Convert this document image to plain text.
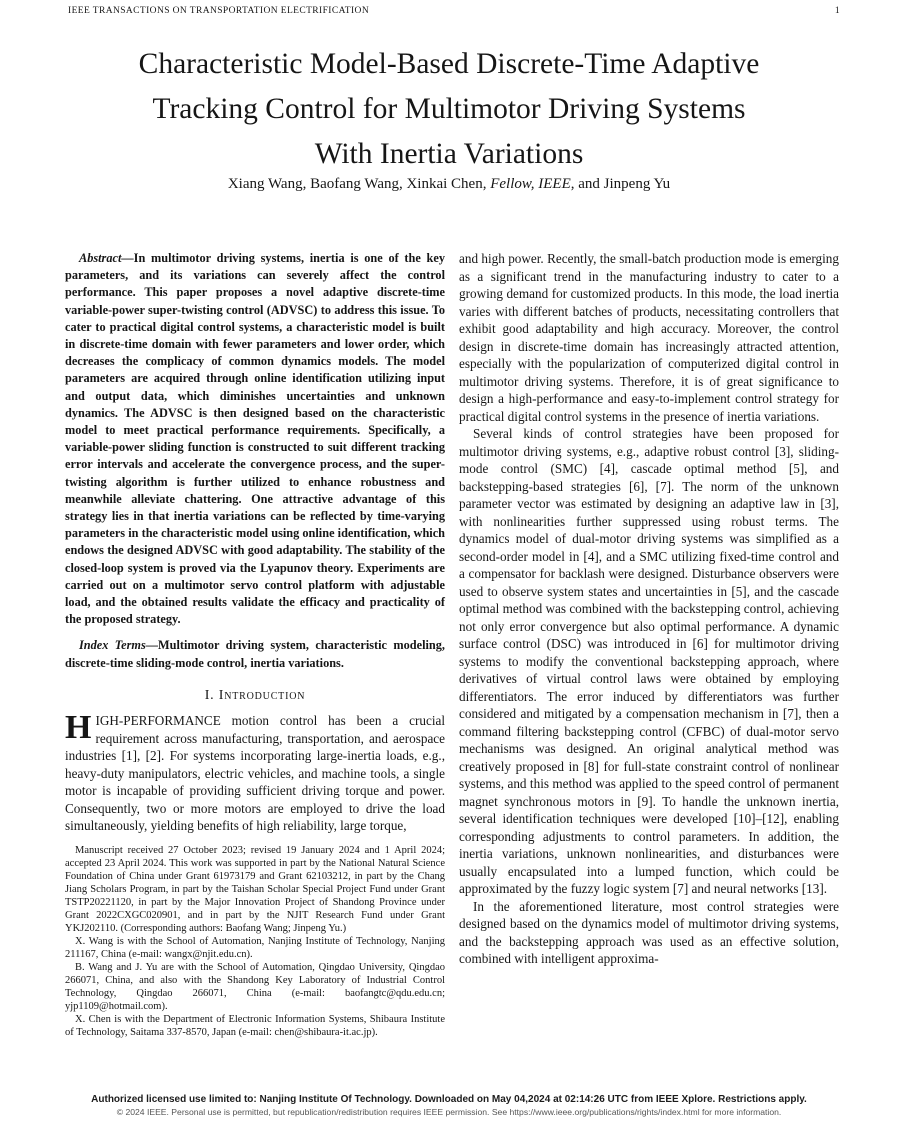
IEEE TRANSACTIONS ON TRANSPORTATION ELECTRIFICATION	1
Characteristic Model-Based Discrete-Time Adaptive
Tracking Control for Multimotor Driving Systems
With Inertia Variations
Xiang Wang, Baofang Wang, Xinkai Chen, Fellow, IEEE, and Jinpeng Yu

Abstract—In multimotor driving systems, inertia is one of the key parameters, and its variations can severely affect the control performance. This paper proposes a novel adaptive discrete-time variable-power super-twisting control (ADVSC) to address this issue. To cater to practical digital control systems, a characteristic model is built in discrete-time domain with fewer parameters and lower order, which decreases the complicacy of common dynamics models. The model parameters are acquired through online identification utilizing input and output data, which diminishes uncertainties and unknown dynamics. The ADVSC is then designed based on the characteristic model to meet practical performance requirements. Specifically, a variable-power sliding function is constructed to suit different tracking error intervals and accelerate the convergence process, and the super-twisting algorithm is further utilized to enhance robustness and meanwhile alleviate chattering. One attractive advantage of this strategy lies in that inertia variations can be reflected by time-varying parameters in the characteristic model using online identification, which endows the designed ADVSC with good adaptability. The stability of the closed-loop system is proved via the Lyapunov theory. Experiments are carried out on a multimotor servo control platform with adjustable load, and the obtained results validate the efficacy and practicality of the proposed strategy.

Index Terms—Multimotor driving system, characteristic modeling, discrete-time sliding-mode control, inertia variations.

I. Introduction

HIGH-PERFORMANCE motion control has been a crucial requirement across manufacturing, transportation, and aerospace industries [1], [2]. For systems incorporating large-inertia loads, e.g., heavy-duty manipulators, electric vehicles, and machine tools, a single motor is incapable of providing sufficient driving torque and power. Consequently, two or more motors are employed to drive the load simultaneously, yielding benefits of high reliability, large torque,

Manuscript received 27 October 2023; revised 19 January 2024 and 1 April 2024; accepted 23 April 2024. This work was supported in part by the National Natural Science Foundation of China under Grant 61973179 and Grant 62103212, in part by the Chang Jiang Scholars Program, in part by the Taishan Scholar Special Project Fund under Grant TSTP20221120, in part by the Major Innovation Project of Shandong Province under Grant 2022CXGC020901, and in part by the NJIT Research Fund under Grant YKJ202110. (Corresponding authors: Baofang Wang; Jinpeng Yu.)

X. Wang is with the School of Automation, Nanjing Institute of Technology, Nanjing 211167, China (e-mail: wangx@njit.edu.cn).

B. Wang and J. Yu are with the School of Automation, Qingdao University, Qingdao 266071, China, and also with the Shandong Key Laboratory of Industrial Control Technology, Qingdao 266071, China (e-mail: baofangtc@qdu.edu.cn; yjp1109@hotmail.com).

X. Chen is with the Department of Electronic Information Systems, Shibaura Institute of Technology, Saitama 337-8570, Japan (e-mail: chen@shibaura-it.ac.jp).

and high power. Recently, the small-batch production mode is emerging as a significant trend in the manufacturing industry to cater to a growing demand for customized products. In this mode, the load inertia varies with different batches of products, necessitating controllers that exhibit good adaptability and high accuracy. Moreover, the control design in discrete-time domain has increasingly attracted attention, especially with the popularization of computerized digital control in multimotor driving systems. Therefore, it is of great significance to design a high-performance and easy-to-implement control strategy for practical digital control systems in the presence of inertia variations.

Several kinds of control strategies have been proposed for multimotor driving systems, e.g., adaptive robust control [3], sliding-mode control (SMC) [4], cascade optimal method [5], and backstepping-based strategies [6], [7]. The norm of the unknown parameter vector was estimated by designing an adaptive law in [3], with nonlinearities further suppressed using robust terms. The dynamics model of dual-motor driving systems was simplified as a second-order model in [4], and a SMC utilizing fixed-time control and a compensator for backlash were designed. Disturbance observers were used to observe system states and uncertainties in [5], and the cascade optimal method was combined with the backstepping control, achieving not only error convergence but also optimal performance. A dynamic surface control (DSC) was introduced in [6] for multimotor driving systems to modify the conventional backstepping approach, where derivatives of virtual control laws were obtained by employing differentiators. The error induced by differentiators was further considered and mitigated by a compensation mechanism in [7], then a command filtering backstepping control (CFBC) of dual-motor servo mechanisms was designed. An original analytical method was creatively proposed in [8] for full-state constraint control of nonlinear systems, and this method was applied to the speed control of permanent magnet synchronous motors in [9]. To handle the unknown inertia, several identification techniques were developed [10]–[12], enabling corresponding adjustments to control parameters. In addition, the inertia variations, unknown nonlinearities, and disturbances were usually encapsulated into a lumped function, which could be approximated by the fuzzy logic system [7] and neural networks [13].

In the aforementioned literature, most control strategies were designed based on the dynamics model of multimotor driving systems, and the backstepping approach was used as an effective solution, combined with intelligent approxima-

Authorized licensed use limited to: Nanjing Institute Of Technology. Downloaded on May 04,2024 at 02:14:26 UTC from IEEE Xplore. Restrictions apply.
© 2024 IEEE. Personal use is permitted, but republication/redistribution requires IEEE permission. See https://www.ieee.org/publications/rights/index.html for more information.
